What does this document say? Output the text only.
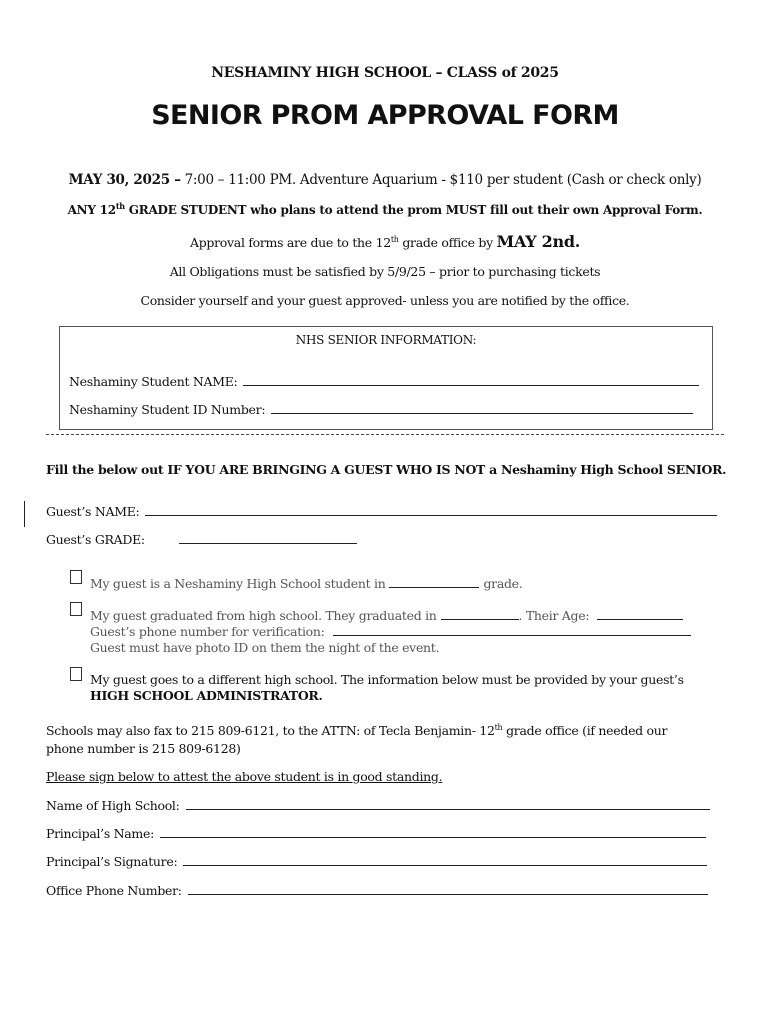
NESHAMINY HIGH SCHOOL – CLASS of 2025
SENIOR PROM APPROVAL FORM
MAY 30, 2025 – 7:00 – 11:00 PM. Adventure Aquarium - $110 per student (Cash or check only)
ANY 12th GRADE STUDENT who plans to attend the prom MUST fill out their own Approval Form.
Approval forms are due to the 12th grade office by MAY 2nd.
All Obligations must be satisfied by 5/9/25 – prior to purchasing tickets
Consider yourself and your guest approved- unless you are notified by the office.
NHS SENIOR INFORMATION:
Neshaminy Student NAME:
Neshaminy Student ID Number:
Fill the below out IF YOU ARE BRINGING A GUEST WHO IS NOT a Neshaminy High School SENIOR.
Guest’s NAME:
Guest’s GRADE:
My guest is a Neshaminy High School student in	grade.
My guest graduated from high school. They graduated in	. Their Age:
Guest’s phone number for verification:
Guest must have photo ID on them the night of the event.
My guest goes to a different high school. The information below must be provided by your guest’s
HIGH SCHOOL ADMINISTRATOR.
Schools may also fax to 215 809-6121, to the ATTN: of Tecla Benjamin- 12th grade office (if needed our phone number is 215 809-6128)
Please sign below to attest the above student is in good standing.
Name of High School:
Principal’s Name:
Principal’s Signature:
Office Phone Number:
